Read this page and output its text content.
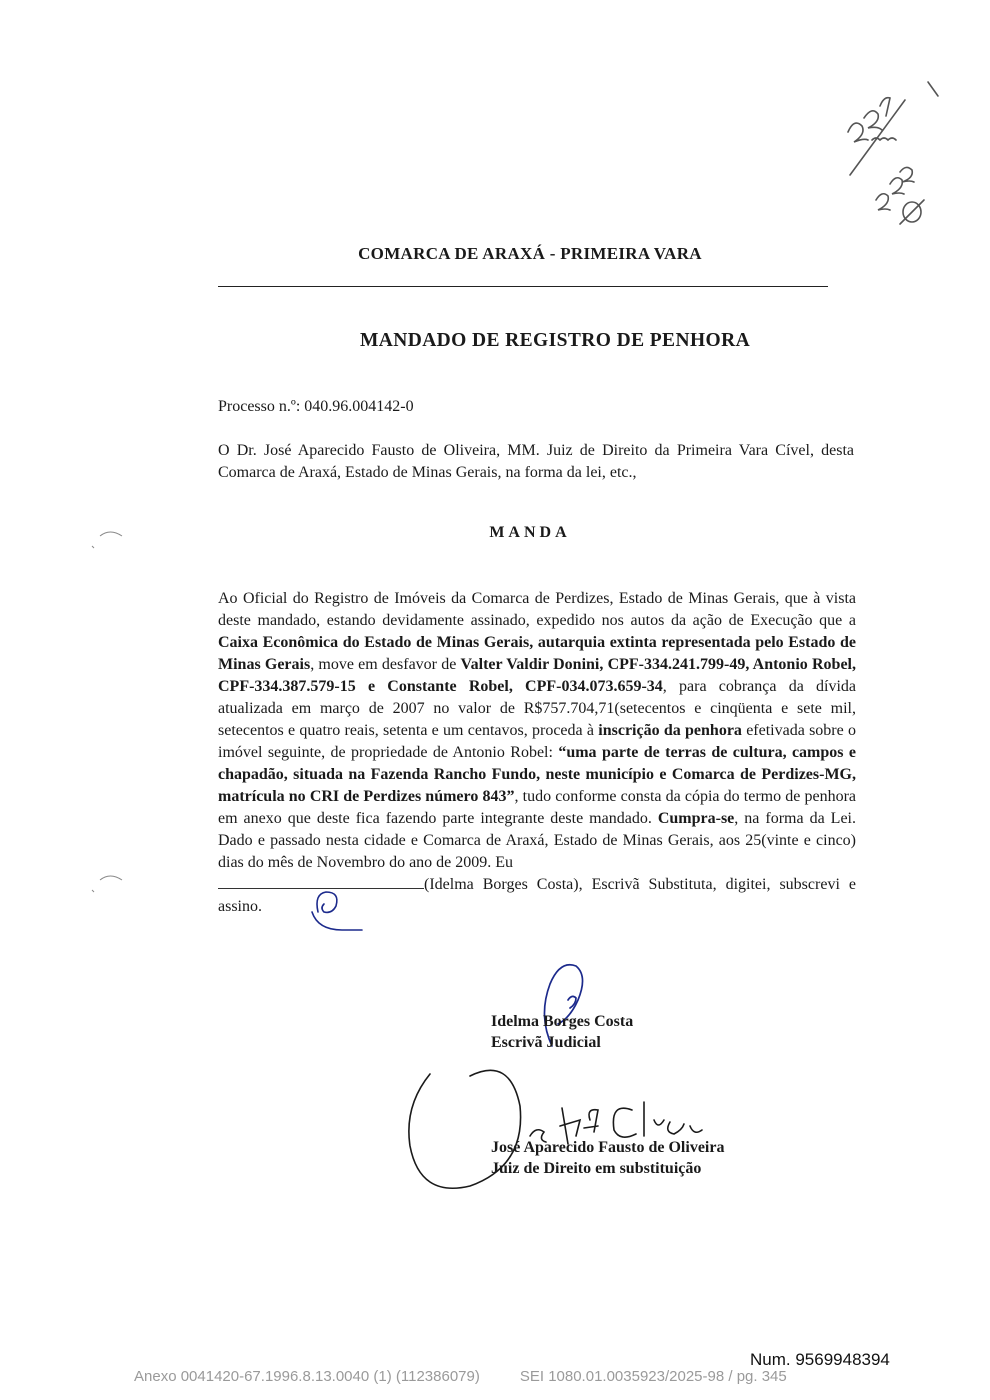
COMARCA DE ARAXÁ - PRIMEIRA VARA
MANDADO DE REGISTRO DE PENHORA
Processo n.º: 040.96.004142-0
O Dr. José Aparecido Fausto de Oliveira, MM. Juiz de Direito da Primeira Vara Cível, desta Comarca de Araxá, Estado de Minas Gerais, na forma da lei, etc.,
MANDA
Ao Oficial do Registro de Imóveis da Comarca de Perdizes, Estado de Minas Gerais, que à vista deste mandado, estando devidamente assinado, expedido nos autos da ação de Execução que a Caixa Econômica do Estado de Minas Gerais, autarquia extinta representada pelo Estado de Minas Gerais, move em desfavor de Valter Valdir Donini, CPF-334.241.799-49, Antonio Robel, CPF-334.387.579-15 e Constante Robel, CPF-034.073.659-34, para cobrança da dívida atualizada em março de 2007 no valor de R$757.704,71(setecentos e cinqüenta e sete mil, setecentos e quatro reais, setenta e um centavos, proceda à inscrição da penhora efetivada sobre o imóvel seguinte, de propriedade de Antonio Robel: “uma parte de terras de cultura, campos e chapadão, situada na Fazenda Rancho Fundo, neste município e Comarca de Perdizes-MG, matrícula no CRI de Perdizes número 843”, tudo conforme consta da cópia do termo de penhora em anexo que deste fica fazendo parte integrante deste mandado. Cumpra-se, na forma da Lei. Dado e passado nesta cidade e Comarca de Araxá, Estado de Minas Gerais, aos 25(vinte e cinco) dias do mês de Novembro do ano de 2009. Eu
(Idelma Borges Costa), Escrivã Substituta, digitei, subscrevi e assino.
Idelma Borges Costa
Escrivã Judicial
José Aparecido Fausto de Oliveira
Juiz de Direito em substituição
Num. 9569948394
Anexo 0041420-67.1996.8.13.0040 (1) (112386079)	SEI 1080.01.0035923/2025-98 / pg. 345
